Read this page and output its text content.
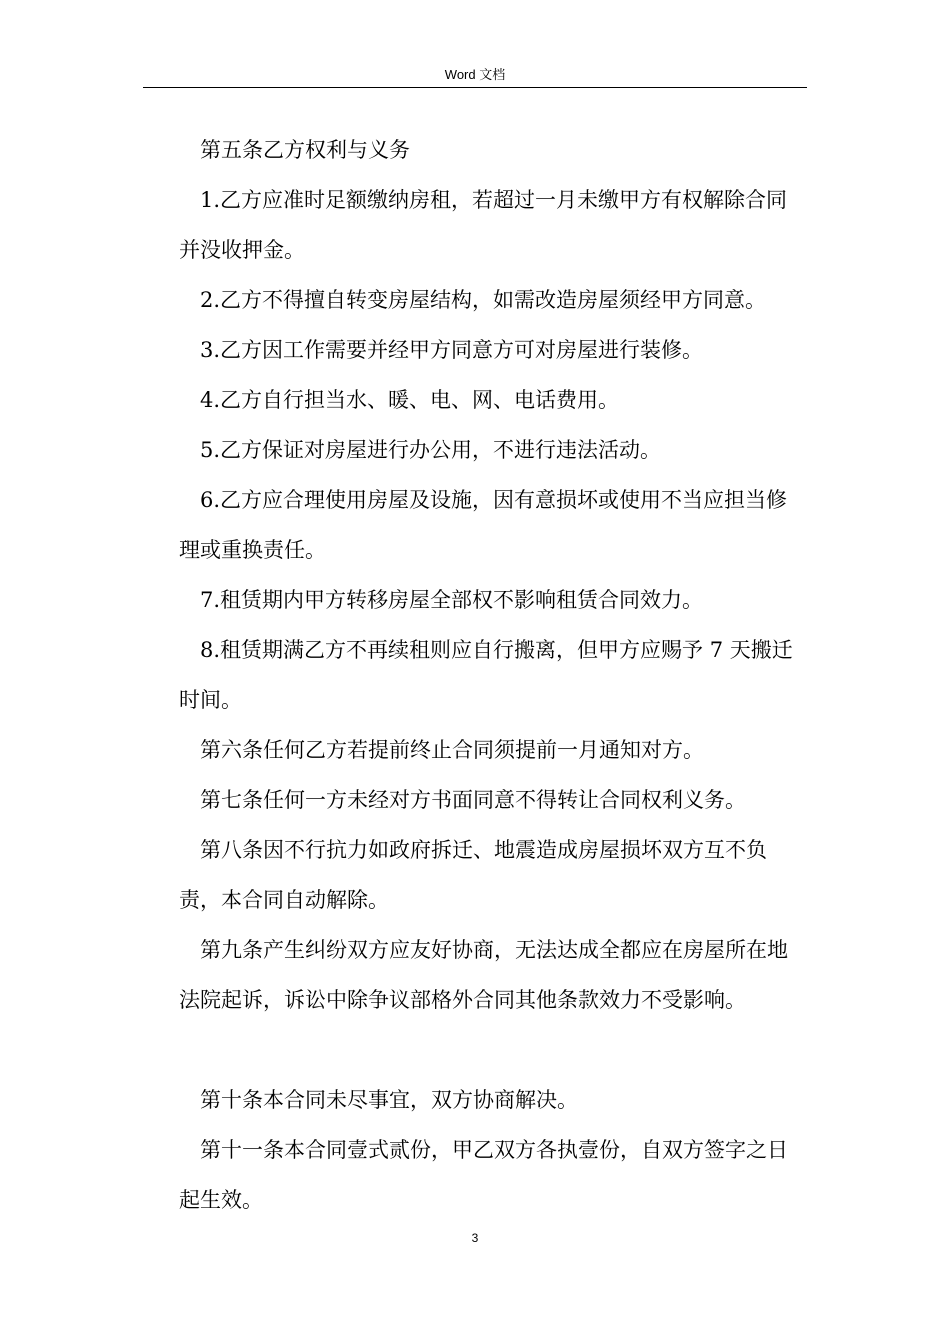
Word 文档

第五条乙方权利与义务

1.乙方应准时足额缴纳房租，若超过一月未缴甲方有权解除合同并没收押金。

2.乙方不得擅自转变房屋结构，如需改造房屋须经甲方同意。

3.乙方因工作需要并经甲方同意方可对房屋进行装修。

4.乙方自行担当水、暖、电、网、电话费用。

5.乙方保证对房屋进行办公用，不进行违法活动。

6.乙方应合理使用房屋及设施，因有意损坏或使用不当应担当修理或重换责任。

7.租赁期内甲方转移房屋全部权不影响租赁合同效力。

8.租赁期满乙方不再续租则应自行搬离，但甲方应赐予 7 天搬迁时间。

第六条任何乙方若提前终止合同须提前一月通知对方。

第七条任何一方未经对方书面同意不得转让合同权利义务。

第八条因不行抗力如政府拆迁、地震造成房屋损坏双方互不负责，本合同自动解除。

第九条产生纠纷双方应友好协商，无法达成全都应在房屋所在地法院起诉，诉讼中除争议部格外合同其他条款效力不受影响。

第十条本合同未尽事宜，双方协商解决。

第十一条本合同壹式贰份，甲乙双方各执壹份，自双方签字之日起生效。

3
